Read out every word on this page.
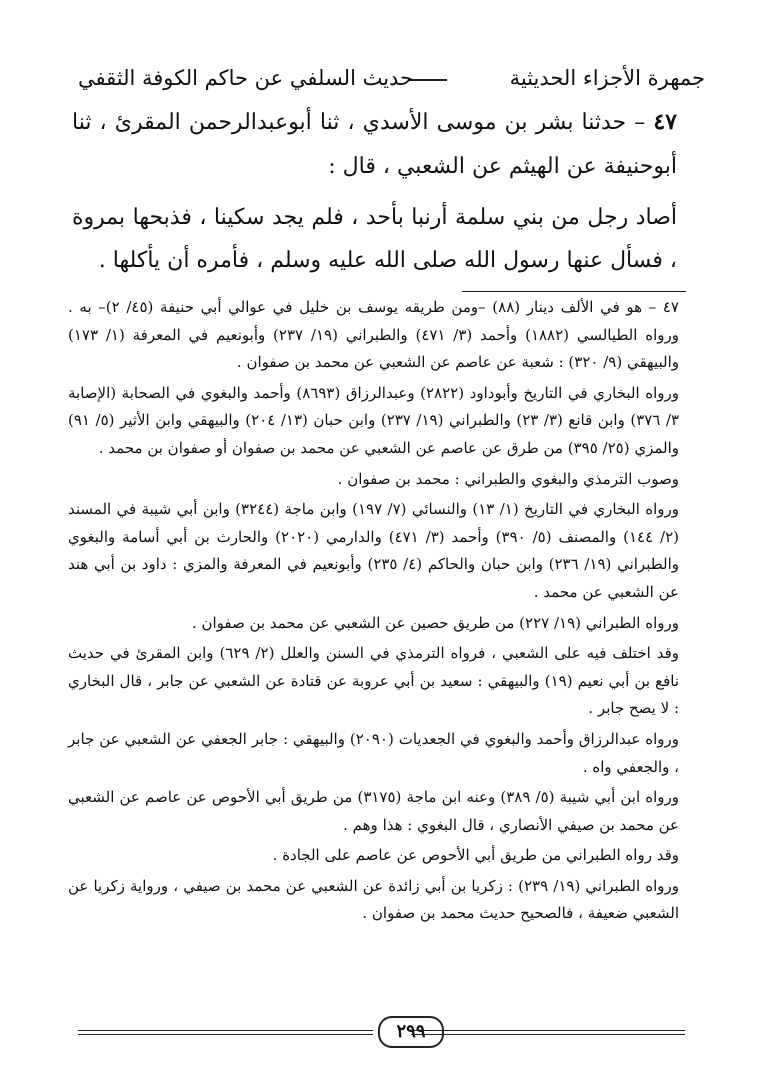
جمهرة الأجزاء الحديثية
حديث السلفي عن حاكم الكوفة الثقفي
٤٧ – حدثنا بشر بن موسى الأسدي ، ثنا أبوعبدالرحمن المقرئ ، ثنا أبوحنيفة عن الهيثم عن الشعبي ، قال :
أصاد رجل من بني سلمة أرنبا بأحد ، فلم يجد سكينا ، فذبحها بمروة ، فسأل عنها رسول الله صلى الله عليه وسلم ، فأمره أن يأكلها .

٤٧ – هو في الألف دينار (٨٨) –ومن طريقه يوسف بن خليل في عوالي أبي حنيفة (٤٥/ ٢)– به . ورواه الطيالسي (١٨٨٢) وأحمد (٣/ ٤٧١) والطبراني (١٩/ ٢٣٧) وأبونعيم في المعرفة (١/ ١٧٣) والبيهقي (٩/ ٣٢٠) : شعبة عن عاصم عن الشعبي عن محمد بن صفوان .

ورواه البخاري في التاريخ وأبوداود (٢٨٢٢) وعبدالرزاق (٨٦٩٣) وأحمد والبغوي في الصحابة (الإصابة ٣/ ٣٧٦) وابن قانع (٣/ ٢٣) والطبراني (١٩/ ٢٣٧) وابن حبان (١٣/ ٢٠٤) والبيهقي وابن الأثير (٥/ ٩١) والمزي (٢٥/ ٣٩٥) من طرق عن عاصم عن الشعبي عن محمد بن صفوان أو صفوان بن محمد .

وصوب الترمذي والبغوي والطبراني : محمد بن صفوان .

ورواه البخاري في التاريخ (١/ ١٣) والنسائي (٧/ ١٩٧) وابن ماجة (٣٢٤٤) وابن أبي شيبة في المسند (٢/ ١٤٤) والمصنف (٥/ ٣٩٠) وأحمد (٣/ ٤٧١) والدارمي (٢٠٢٠) والحارث بن أبي أسامة والبغوي والطبراني (١٩/ ٢٣٦) وابن حبان والحاكم (٤/ ٢٣٥) وأبونعيم في المعرفة والمزي : داود بن أبي هند عن الشعبي عن محمد .

ورواه الطبراني (١٩/ ٢٢٧) من طريق حصين عن الشعبي عن محمد بن صفوان .

وقد اختلف فيه على الشعبي ، فرواه الترمذي في السنن والعلل (٢/ ٦٢٩) وابن المقرئ في حديث نافع بن أبي نعيم (١٩) والبيهقي : سعيد بن أبي عروبة عن قتادة عن الشعبي عن جابر ، قال البخاري : لا يصح جابر .

ورواه عبدالرزاق وأحمد والبغوي في الجعديات (٢٠٩٠) والبيهقي : جابر الجعفي عن الشعبي عن جابر ، والجعفي واه .

ورواه ابن أبي شيبة (٥/ ٣٨٩) وعنه ابن ماجة (٣١٧٥) من طريق أبي الأحوص عن عاصم عن الشعبي عن محمد بن صيفي الأنصاري ، قال البغوي : هذا وهم .

وقد رواه الطبراني من طريق أبي الأحوص عن عاصم على الجادة .

ورواه الطبراني (١٩/ ٢٣٩) : زكريا بن أبي زائدة عن الشعبي عن محمد بن صيفي ، ورواية زكريا عن الشعبي ضعيفة ، فالصحيح حديث محمد بن صفوان .

٢٩٩
